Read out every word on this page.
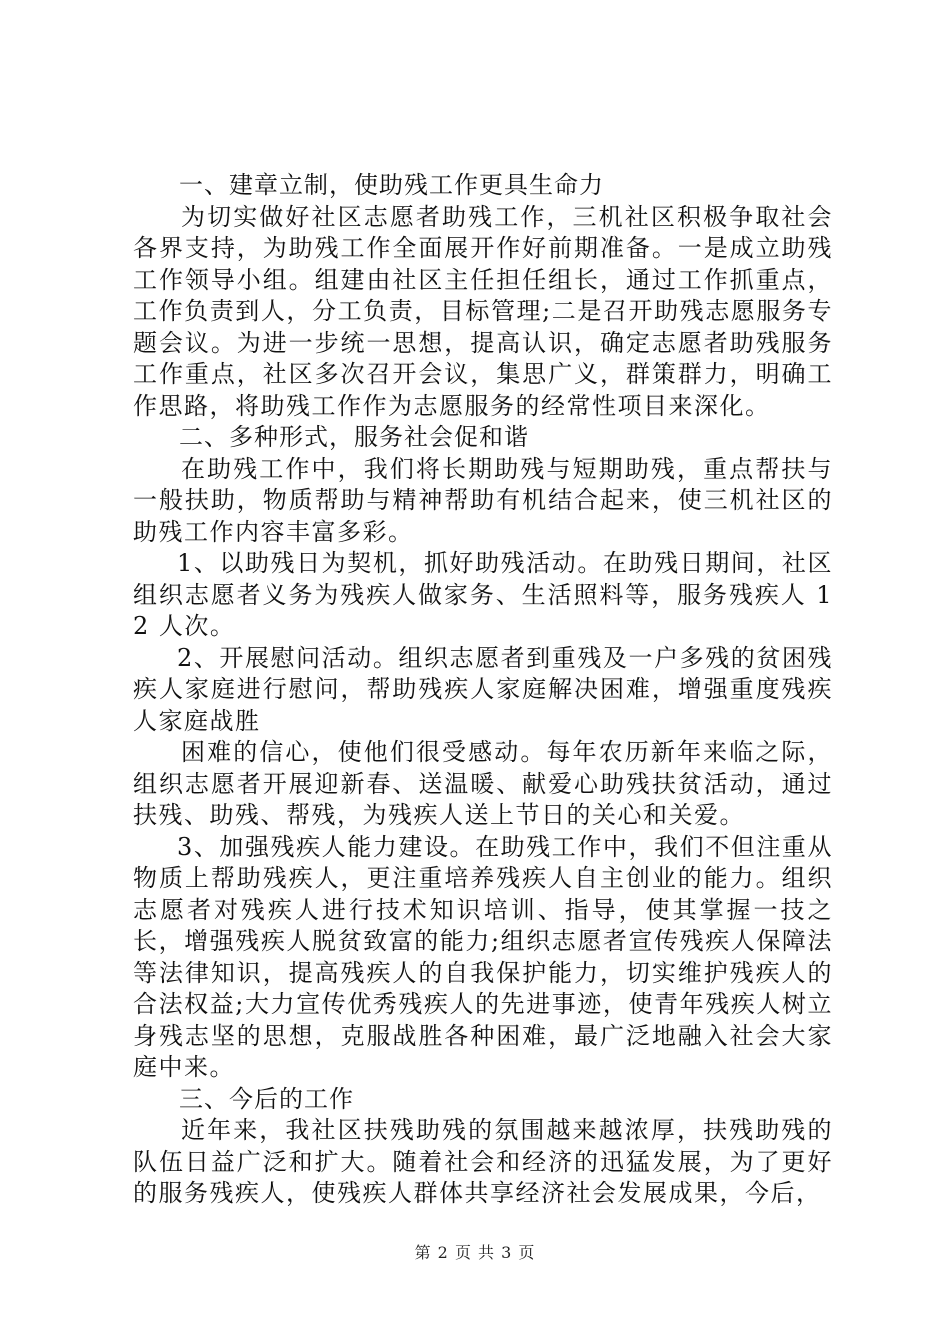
一、建章立制，使助残工作更具生命力

为切实做好社区志愿者助残工作，三机社区积极争取社会各界支持，为助残工作全面展开作好前期准备。一是成立助残工作领导小组。组建由社区主任担任组长，通过工作抓重点，工作负责到人，分工负责，目标管理;二是召开助残志愿服务专题会议。为进一步统一思想，提高认识，确定志愿者助残服务工作重点，社区多次召开会议，集思广义，群策群力，明确工作思路，将助残工作作为志愿服务的经常性项目来深化。

二、多种形式，服务社会促和谐

在助残工作中，我们将长期助残与短期助残，重点帮扶与一般扶助，物质帮助与精神帮助有机结合起来，使三机社区的助残工作内容丰富多彩。

1、以助残日为契机，抓好助残活动。在助残日期间，社区组织志愿者义务为残疾人做家务、生活照料等，服务残疾人 12 人次。

2、开展慰问活动。组织志愿者到重残及一户多残的贫困残疾人家庭进行慰问，帮助残疾人家庭解决困难，增强重度残疾人家庭战胜

困难的信心，使他们很受感动。每年农历新年来临之际，组织志愿者开展迎新春、送温暖、献爱心助残扶贫活动，通过扶残、助残、帮残，为残疾人送上节日的关心和关爱。

3、加强残疾人能力建设。在助残工作中，我们不但注重从物质上帮助残疾人，更注重培养残疾人自主创业的能力。组织志愿者对残疾人进行技术知识培训、指导，使其掌握一技之长，增强残疾人脱贫致富的能力;组织志愿者宣传残疾人保障法等法律知识，提高残疾人的自我保护能力，切实维护残疾人的合法权益;大力宣传优秀残疾人的先进事迹，使青年残疾人树立身残志坚的思想，克服战胜各种困难，最广泛地融入社会大家庭中来。

三、今后的工作

近年来，我社区扶残助残的氛围越来越浓厚，扶残助残的队伍日益广泛和扩大。随着社会和经济的迅猛发展，为了更好的服务残疾人，使残疾人群体共享经济社会发展成果，今后，

第 2 页 共 3 页
